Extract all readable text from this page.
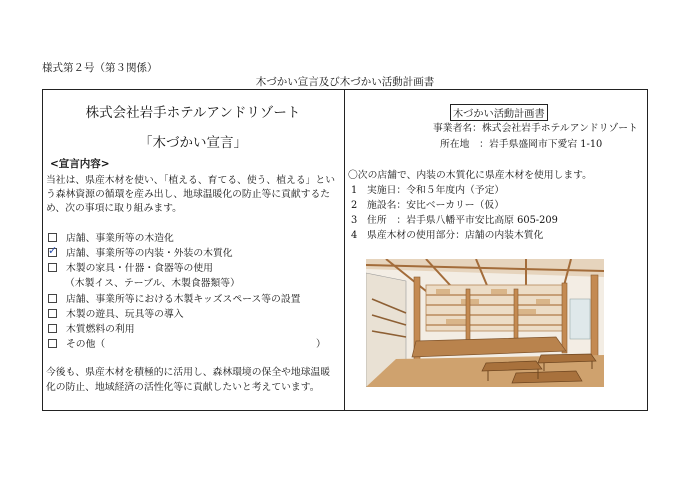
様式第２号（第３関係）
木づかい宣言及び木づかい活動計画書
株式会社岩手ホテルアンドリゾート
「木づかい宣言」
<宣言内容>
当社は、県産木材を使い、「植える、育てる、使う、植える」とい
う森林資源の循環を産み出し、地球温暖化の防止等に貢献するた
め、次の事項に取り組みます。
店舗、事業所等の木造化
✓店舗、事業所等の内装・外装の木質化
木製の家具・什器・食器等の使用
（木製イス、テーブル、木製食器類等）
店舗、事業所等における木製キッズスペース等の設置
木製の遊具、玩具等の導入
木質燃料の利用
その他（	）
今後も、県産木材を積極的に活用し、森林環境の保全や地球温暖
化の防止、地域経済の活性化等に貢献したいと考えています。
木づかい活動計画書
事業者名：株式会社岩手ホテルアンドリゾート
所在地　：岩手県盛岡市下愛宕 1-10
〇次の店舗で、内装の木質化に県産木材を使用します。
1　実施日：令和５年度内（予定）
2　施設名：安比ベーカリー（仮）
3　住所　：岩手県八幡平市安比高原 605-209
4　県産木材の使用部分：店舗の内装木質化
